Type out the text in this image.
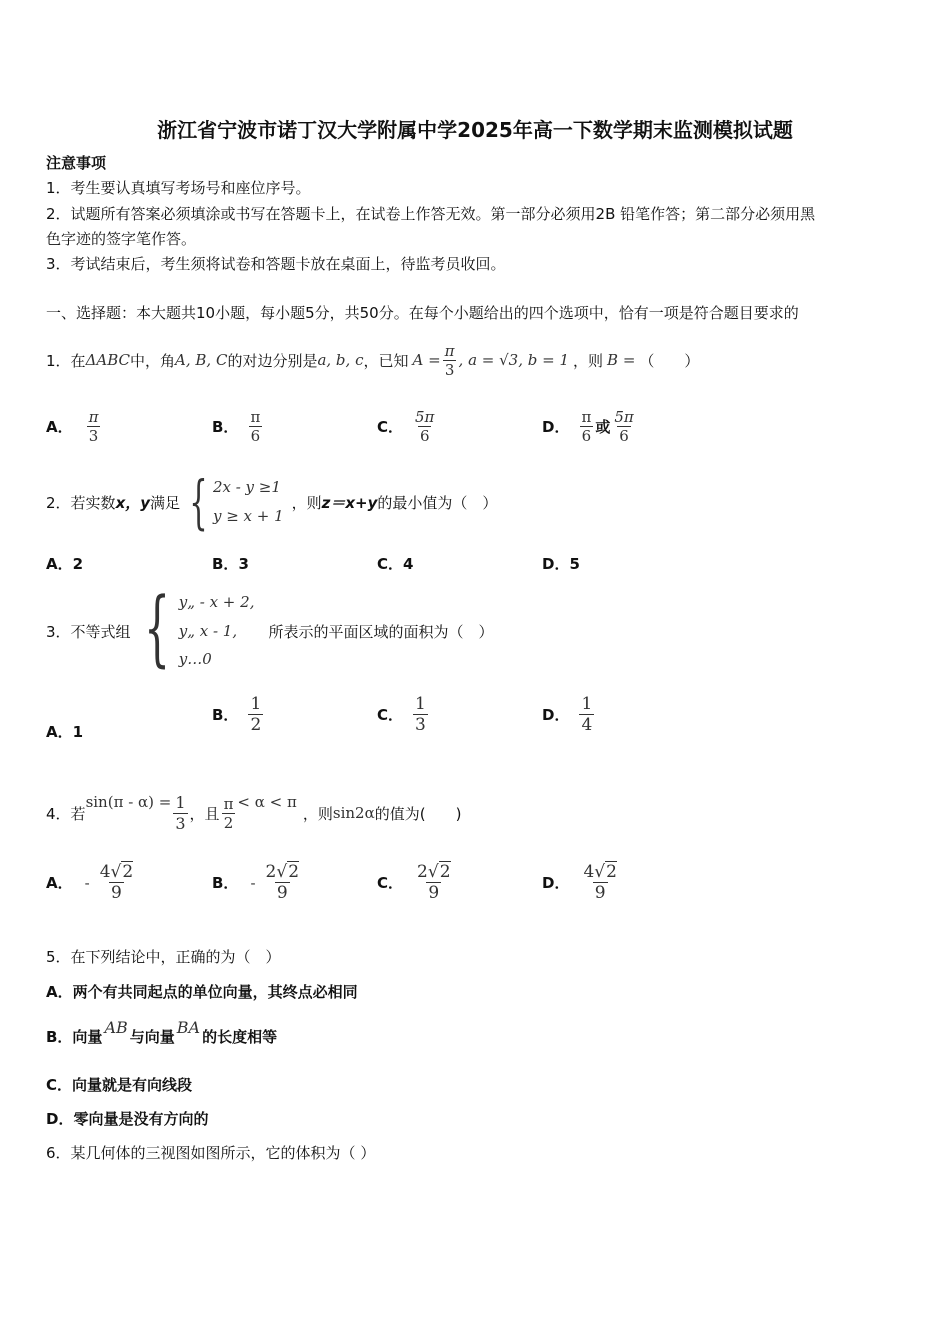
浙江省宁波市诺丁汉大学附属中学2025年高一下数学期末监测模拟试题
注意事项
1．考生要认真填写考场号和座位序号。
2．试题所有答案必须填涂或书写在答题卡上，在试卷上作答无效。第一部分必须用2B 铅笔作答；第二部分必须用黑
色字迹的签字笔作答。
3．考试结束后，考生须将试卷和答题卡放在桌面上，待监考员收回。
一、选择题：本大题共10小题，每小题5分，共50分。在每个小题给出的四个选项中，恰有一项是符合题目要求的
1． 在 ΔABC 中，角 A, B, C 的对边分别是 a, b, c ，已知 $A = \frac{\pi}{3}$ , a = √3, b = 1 ，则 B = （　　）
A． $\frac{\pi}{3}$	B． $\frac{\pi}{6}$	C． $\frac{5\pi}{6}$	D． $\frac{\pi}{6}$ 或 $\frac{5\pi}{6}$
2． 若实数 x，y 满足 { 2x - y ≥1
y ≥ x + 1
，则 z＝x+y 的最小值为（　）
A．2	B．3	C．4	D．5
3． 不等式组 { y„ - x + 2,
y„ x - 1,
y…0
所表示的平面区域的面积为（　）
A．1
B． $\frac{1}{2}$	C． $\frac{1}{3}$	D． $\frac{1}{4}$
4． 若
$\sin(\pi - \alpha) = \frac{1}{3}$ ，且 $\frac{\pi}{2} < \alpha < \pi$
，则 sin2α 的值为(　　)
A． - $\frac{4√2}{9}$	B． - $\frac{2√2}{9}$	C． $\frac{2√2}{9}$	D． $\frac{4√2}{9}$
5．在下列结论中，正确的为（　）
A．两个有共同起点的单位向量，其终点必相同
B．向量 AB 与向量 BA 的长度相等
C．向量就是有向线段
D．零向量是没有方向的
6．某几何体的三视图如图所示，它的体积为（ ）
